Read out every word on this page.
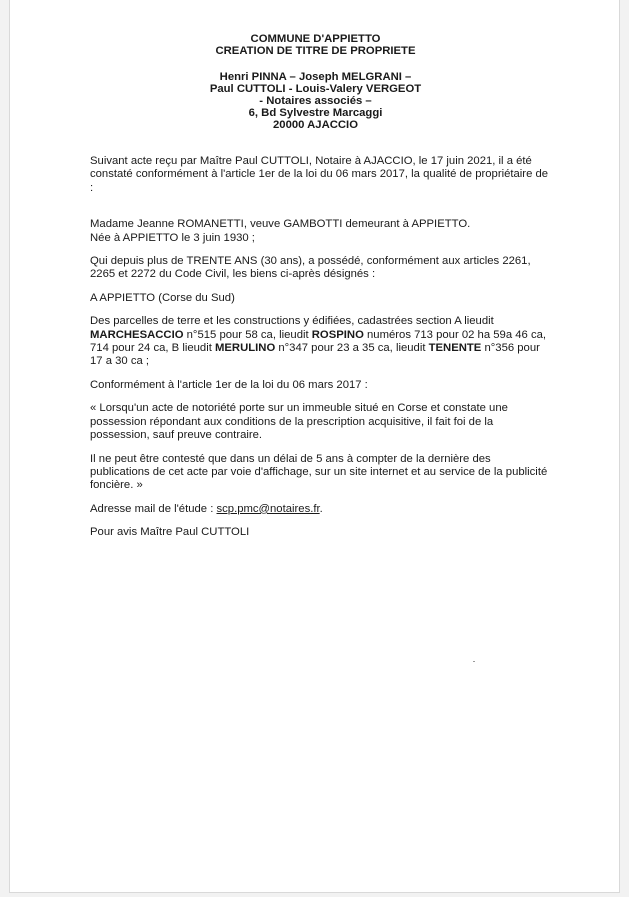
COMMUNE D'APPIETTO
CREATION DE TITRE DE PROPRIETE
Henri PINNA – Joseph MELGRANI –
Paul CUTTOLI - Louis-Valery VERGEOT
- Notaires associés –
6, Bd Sylvestre Marcaggi
20000 AJACCIO

Suivant acte reçu par Maître Paul CUTTOLI, Notaire à AJACCIO, le 17 juin 2021, il a été constaté conformément à l'article 1er de la loi du 06 mars 2017, la qualité de propriétaire de :

Madame Jeanne ROMANETTI, veuve GAMBOTTI demeurant à APPIETTO.

Née à APPIETTO le 3 juin 1930 ;

Qui depuis plus de TRENTE ANS (30 ans), a possédé, conformément aux articles 2261, 2265 et 2272 du Code Civil, les biens ci-après désignés :

A APPIETTO (Corse du Sud)

Des parcelles de terre et les constructions y édifiées, cadastrées section A lieudit MARCHESACCIO n°515 pour 58 ca, lieudit ROSPINO numéros 713 pour 02 ha 59a 46 ca, 714 pour 24 ca, B lieudit MERULINO n°347 pour 23 a 35 ca, lieudit TENENTE n°356 pour 17 a 30 ca ;

Conformément à l'article 1er de la loi du 06 mars 2017 :

« Lorsqu'un acte de notoriété porte sur un immeuble situé en Corse et constate une possession répondant aux conditions de la prescription acquisitive, il fait foi de la possession, sauf preuve contraire.

Il ne peut être contesté que dans un délai de 5 ans à compter de la dernière des publications de cet acte par voie d'affichage, sur un site internet et au service de la publicité foncière. »

Adresse mail de l'étude : scp.pmc@notaires.fr.

Pour avis Maître Paul CUTTOLI
